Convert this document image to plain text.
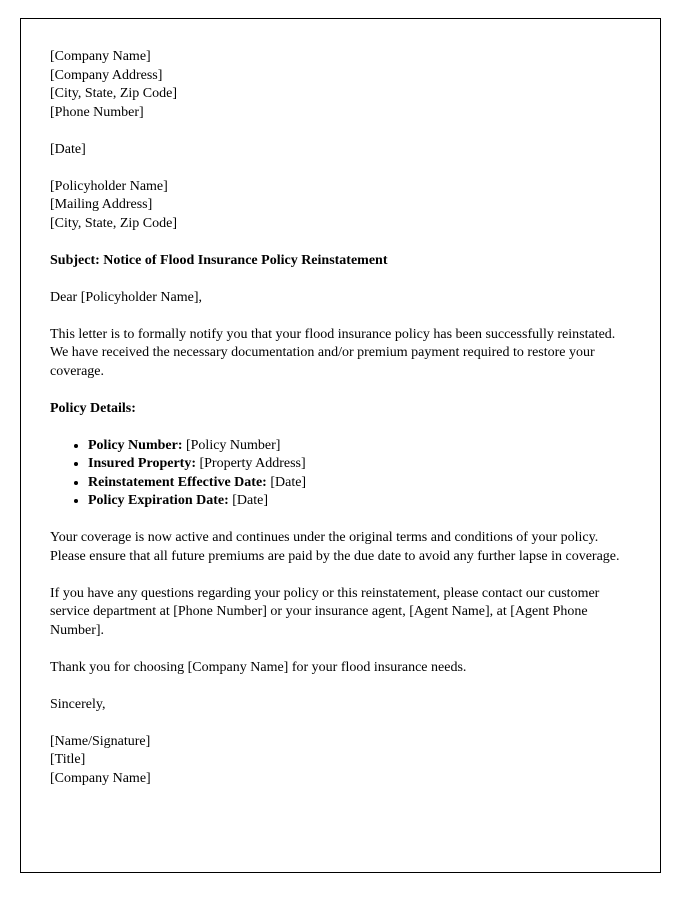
[Company Name]
[Company Address]
[City, State, Zip Code]
[Phone Number]
[Date]
[Policyholder Name]
[Mailing Address]
[City, State, Zip Code]

Subject: Notice of Flood Insurance Policy Reinstatement

Dear [Policyholder Name],

This letter is to formally notify you that your flood insurance policy has been successfully reinstated. We have received the necessary documentation and/or premium payment required to restore your coverage.

Policy Details:

• Policy Number: [Policy Number]
• Insured Property: [Property Address]
• Reinstatement Effective Date: [Date]
• Policy Expiration Date: [Date]

Your coverage is now active and continues under the original terms and conditions of your policy. Please ensure that all future premiums are paid by the due date to avoid any further lapse in coverage.

If you have any questions regarding your policy or this reinstatement, please contact our customer service department at [Phone Number] or your insurance agent, [Agent Name], at [Agent Phone Number].

Thank you for choosing [Company Name] for your flood insurance needs.

Sincerely,

[Name/Signature]
[Title]
[Company Name]
